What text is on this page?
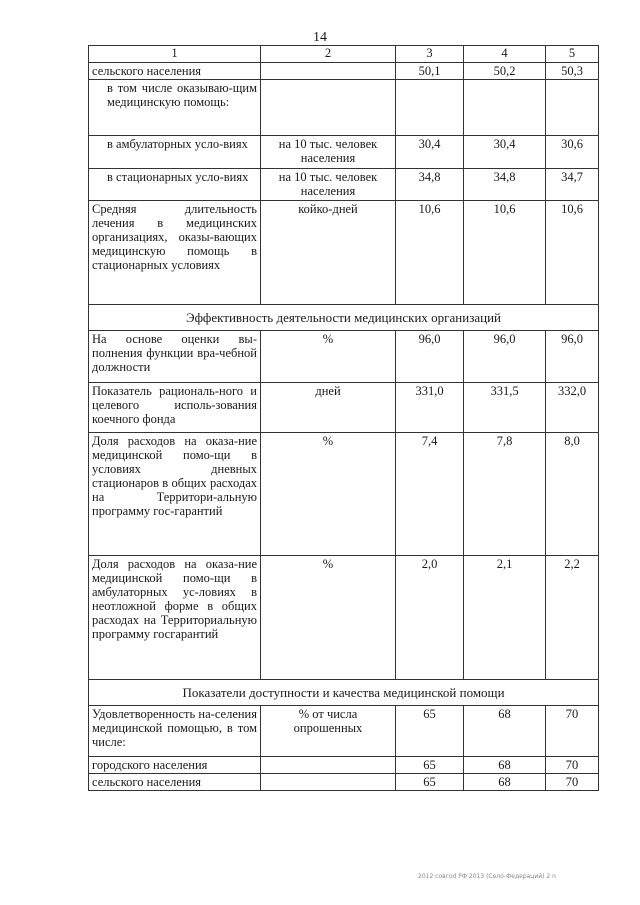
14
1	2	3	4	5
сельского населения		50,1	50,2	50,3
в том числе оказываю-щим медицинскую помощь:				
в амбулаторных усло-виях	на 10 тыс. человек населения	30,4	30,4	30,6
в стационарных усло-виях	на 10 тыс. человек населения	34,8	34,8	34,7
Средняя длительность лечения в медицинских организациях, оказы-вающих медицинскую помощь в стационарных условиях	койко-дней	10,6	10,6	10,6
Эффективность деятельности медицинских организаций				
На основе оценки вы-полнения функции вра-чебной должности	%	96,0	96,0	96,0
Показатель рациональ-ного и целевого исполь-зования коечного фонда	дней	331,0	331,5	332,0
Доля расходов на оказа-ние медицинской помо-щи в условиях дневных стационаров в общих расходах на Территори-альную программу гос-гарантий	%	7,4	7,8	8,0
Доля расходов на оказа-ние медицинской помо-щи в амбулаторных ус-ловиях в неотложной форме в общих расходах на Территориальную программу госгарантий	%	2,0	2,1	2,2
Показатели доступности и качества медицинской помощи				
Удовлетворенность на-селения медицинской помощью, в том числе:	% от числа опрошенных	65	68	70
городского населения		65	68	70
сельского населения		65	68	70
2012 сoвгоd РФ 2013 (Селo-Федераций) 2 n
